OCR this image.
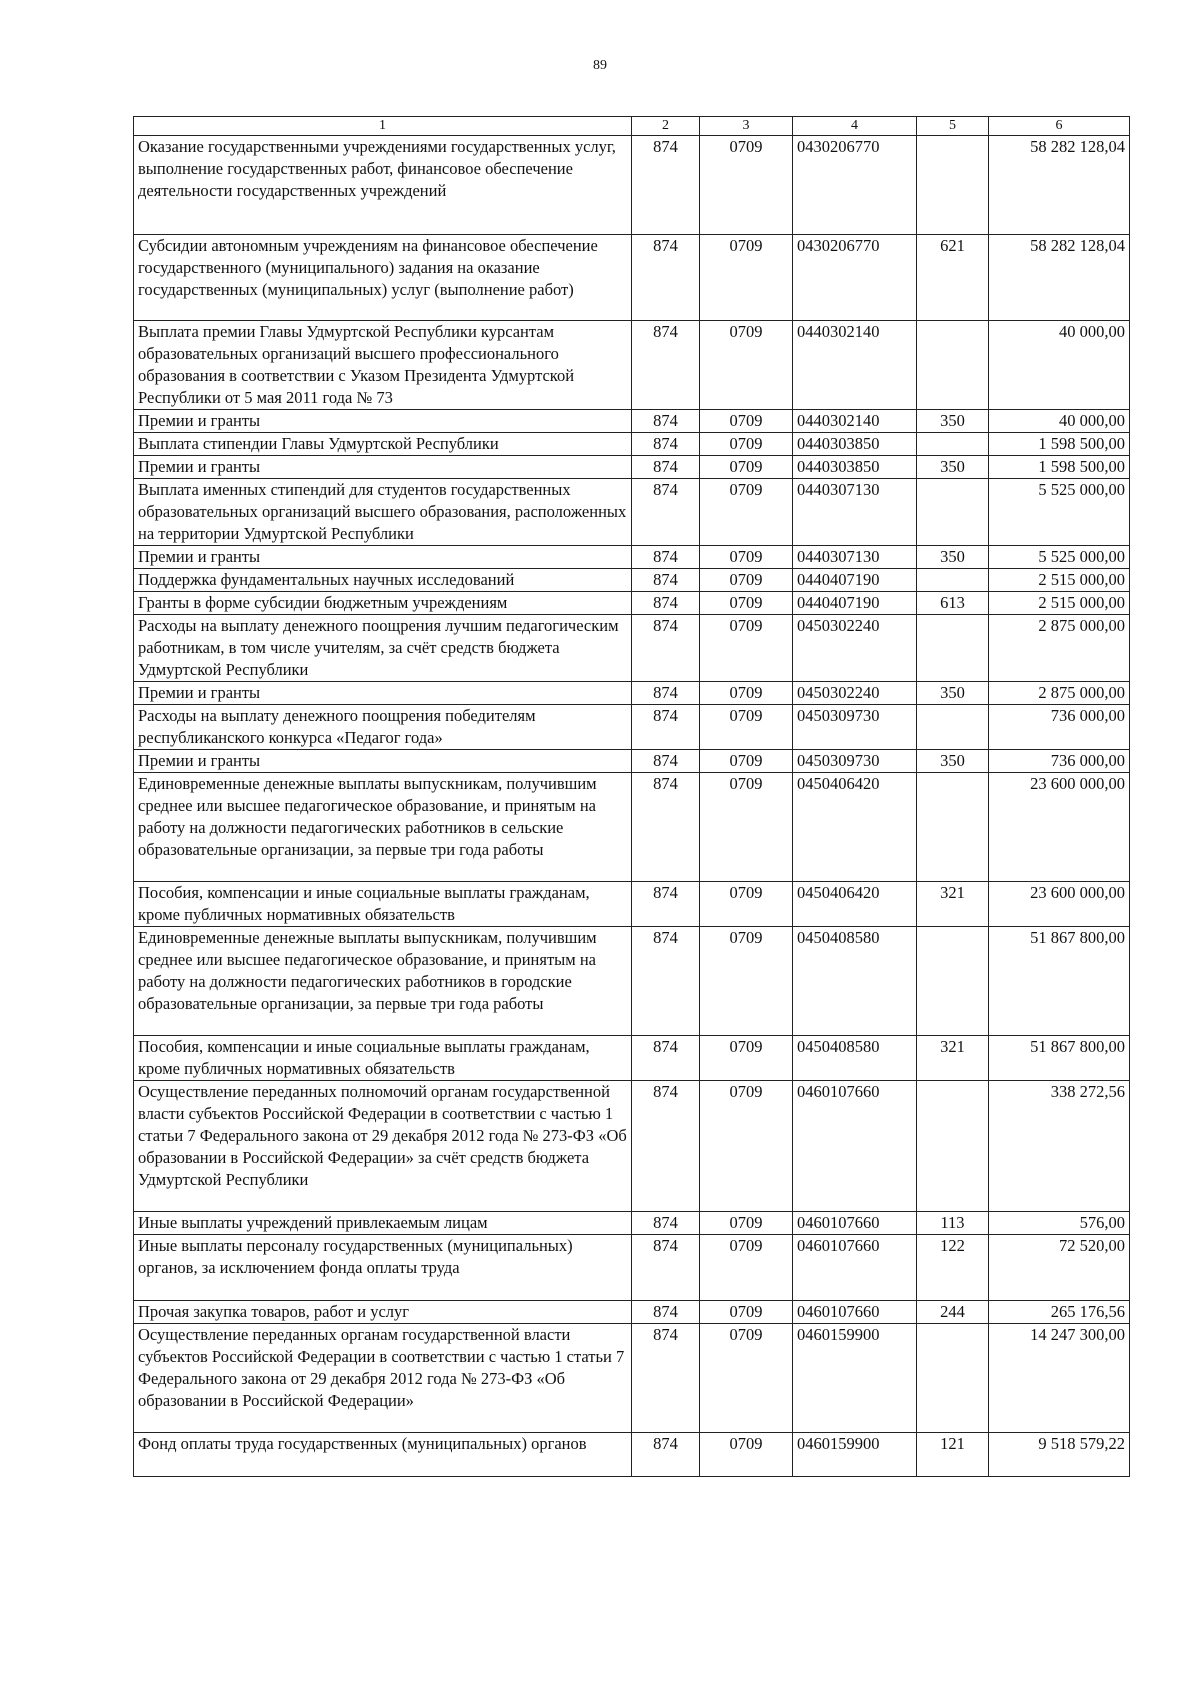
89
1	2	3	4	5	6
Оказание государственными учреждениями государственных услуг, выполнение государственных работ, финансовое обеспечение деятельности государственных учреждений	874	0709	0430206770		58 282 128,04
Субсидии автономным учреждениям на финансовое обеспечение государственного (муниципального) задания на оказание государственных (муниципальных) услуг (выполнение работ)	874	0709	0430206770	621	58 282 128,04
Выплата премии Главы Удмуртской Республики курсантам образовательных организаций высшего профессионального образования в соответствии с Указом Президента Удмуртской Республики от 5 мая 2011 года № 73	874	0709	0440302140		40 000,00
Премии и гранты	874	0709	0440302140	350	40 000,00
Выплата стипендии Главы Удмуртской Республики	874	0709	0440303850		1 598 500,00
Премии и гранты	874	0709	0440303850	350	1 598 500,00
Выплата именных стипендий для студентов государственных образовательных организаций высшего образования, расположенных на территории Удмуртской Республики	874	0709	0440307130		5 525 000,00
Премии и гранты	874	0709	0440307130	350	5 525 000,00
Поддержка фундаментальных научных исследований	874	0709	0440407190		2 515 000,00
Гранты в форме субсидии бюджетным учреждениям	874	0709	0440407190	613	2 515 000,00
Расходы на выплату денежного поощрения лучшим педагогическим работникам, в том числе учителям, за счёт средств бюджета Удмуртской Республики	874	0709	0450302240		2 875 000,00
Премии и гранты	874	0709	0450302240	350	2 875 000,00
Расходы на выплату денежного поощрения победителям республиканского конкурса «Педагог года»	874	0709	0450309730		736 000,00
Премии и гранты	874	0709	0450309730	350	736 000,00
Единовременные денежные выплаты выпускникам, получившим среднее или высшее педагогическое образование, и принятым на работу на должности педагогических работников в сельские образовательные организации, за первые три года работы	874	0709	0450406420		23 600 000,00
Пособия, компенсации и иные социальные выплаты гражданам, кроме публичных нормативных обязательств	874	0709	0450406420	321	23 600 000,00
Единовременные денежные выплаты выпускникам, получившим среднее или высшее педагогическое образование, и принятым на работу на должности педагогических работников в городские образовательные организации, за первые три года работы	874	0709	0450408580		51 867 800,00
Пособия, компенсации и иные социальные выплаты гражданам, кроме публичных нормативных обязательств	874	0709	0450408580	321	51 867 800,00
Осуществление переданных полномочий органам государственной власти субъектов Российской Федерации в соответствии с частью 1 статьи 7 Федерального закона от 29 декабря 2012 года № 273-ФЗ «Об образовании в Российской Федерации» за счёт средств бюджета Удмуртской Республики	874	0709	0460107660		338 272,56
Иные выплаты учреждений привлекаемым лицам	874	0709	0460107660	113	576,00
Иные выплаты персоналу государственных (муниципальных) органов, за исключением фонда оплаты труда	874	0709	0460107660	122	72 520,00
Прочая закупка товаров, работ и услуг	874	0709	0460107660	244	265 176,56
Осуществление переданных органам государственной власти субъектов Российской Федерации в соответствии с частью 1 статьи 7 Федерального закона от 29 декабря 2012 года № 273-ФЗ «Об образовании в Российской Федерации»	874	0709	0460159900		14 247 300,00
Фонд оплаты труда государственных (муниципальных) органов	874	0709	0460159900	121	9 518 579,22
